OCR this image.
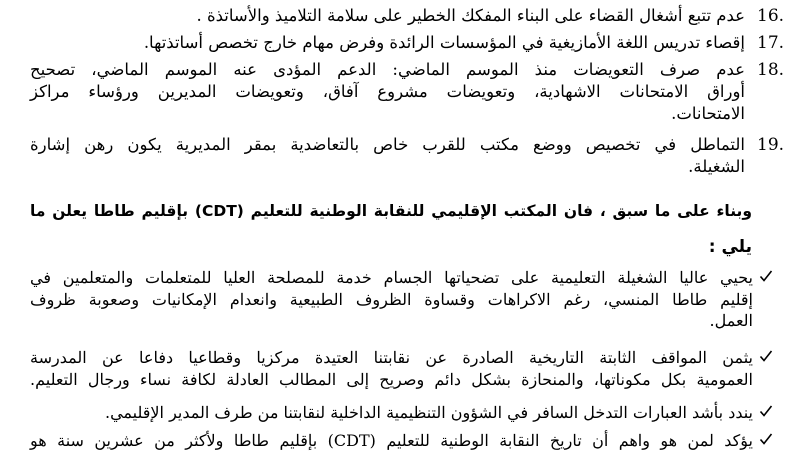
16.
عدم تتبع أشغال القضاء على البناء المفكك الخطير على سلامة التلاميذ والأساتذة .
17.
إقصاء تدريس اللغة الأمازيغية في المؤسسات الرائدة وفرض مهام خارج تخصص أساتذتها.
18.
عدم صرف التعويضات منذ الموسم الماضي: الدعم المؤدى عنه الموسم الماضي، تصحيح
أوراق الامتحانات الاشهادية، وتعويضات مشروع آفاق، وتعويضات المديرين ورؤساء مراكز
الامتحانات.
19.
التماطل في تخصيص ووضع مكتب للقرب خاص بالتعاضدية بمقر المديرية يكون رهن إشارة
الشغيلة.
وبناء على ما سبق ، فان المكتب الإقليمي للنقابة الوطنية للتعليم (CDT) بإقليم طاطا يعلن ما
يلي :
يحيي عاليا الشغيلة التعليمية على تضحياتها الجسام خدمة للمصلحة العليا للمتعلمات والمتعلمين في
إقليم طاطا المنسي، رغم الاكراهات وقساوة الظروف الطبيعية وانعدام الإمكانيات وصعوبة ظروف
العمل.
يثمن المواقف الثابتة التاريخية الصادرة عن نقابتنا العتيدة مركزيا وقطاعيا دفاعا عن المدرسة
العمومية بكل مكوناتها، والمنحازة بشكل دائم وصريح إلى المطالب العادلة لكافة نساء ورجال التعليم.
يندد بأشد العبارات التدخل السافر في الشؤون التنظيمية الداخلية لنقابتنا من طرف المدير الإقليمي.
يؤكد لمن هو واهم أن تاريخ النقابة الوطنية للتعليم (CDT) بإقليم طاطا ولأكثر من عشرين سنة هو
